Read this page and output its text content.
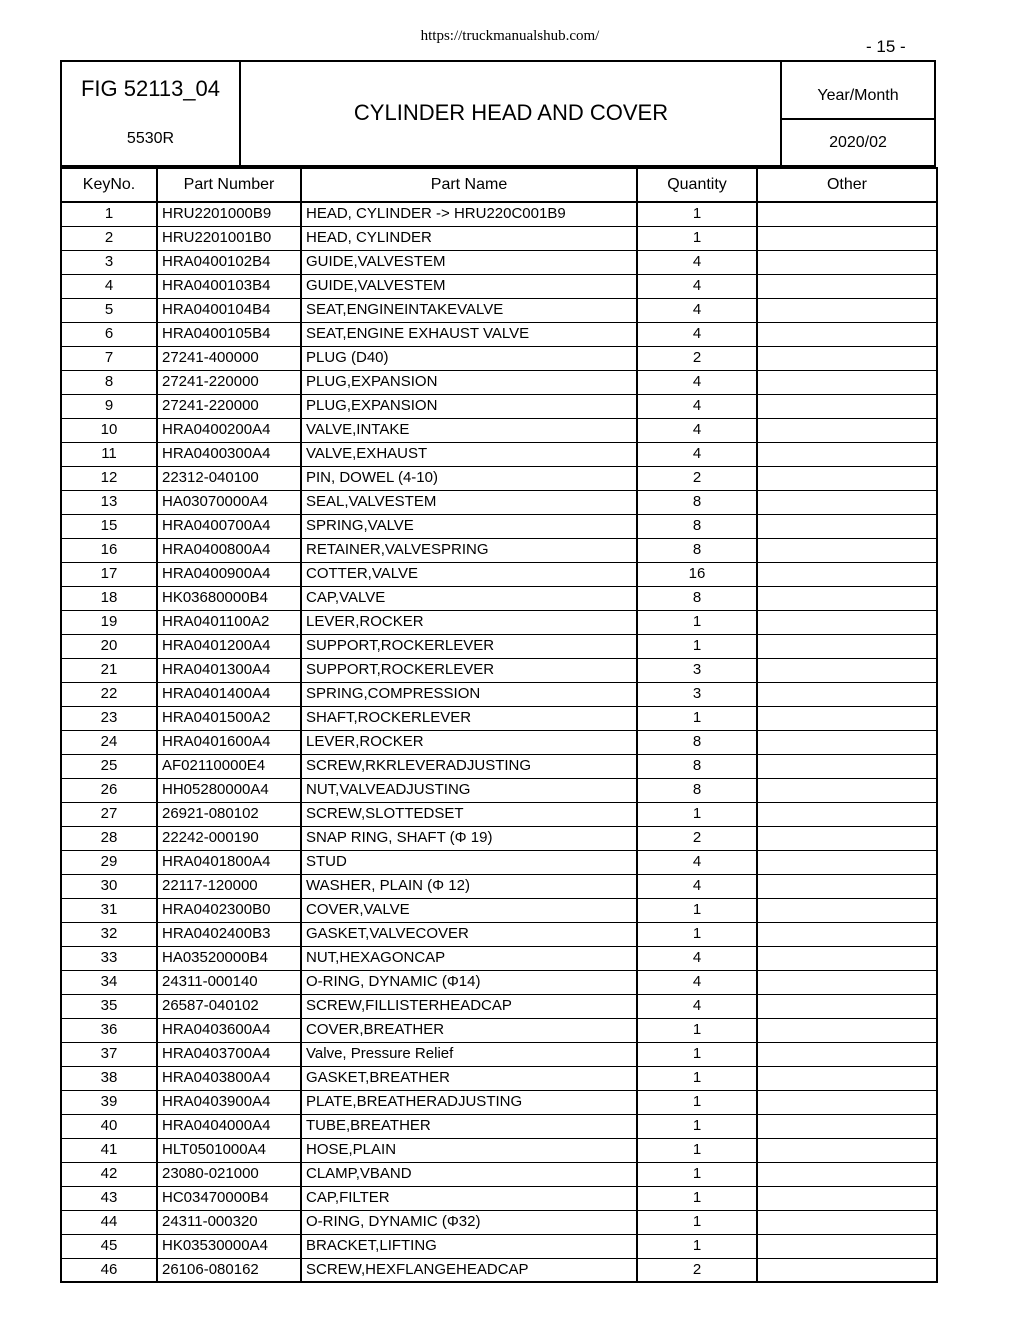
https://truckmanualshub.com/
- 15 -
FIG 52113_04
5530R
CYLINDER HEAD AND COVER
Year/Month
2020/02
KeyNo.	Part Number	Part Name	Quantity	Other
1	HRU2201000B9	HEAD, CYLINDER -> HRU220C001B9	1	
2	HRU2201001B0	HEAD, CYLINDER	1	
3	HRA0400102B4	GUIDE,VALVESTEM	4	
4	HRA0400103B4	GUIDE,VALVESTEM	4	
5	HRA0400104B4	SEAT,ENGINEINTAKEVALVE	4	
6	HRA0400105B4	SEAT,ENGINE EXHAUST VALVE	4	
7	27241-400000	PLUG (D40)	2	
8	27241-220000	PLUG,EXPANSION	4	
9	27241-220000	PLUG,EXPANSION	4	
10	HRA0400200A4	VALVE,INTAKE	4	
11	HRA0400300A4	VALVE,EXHAUST	4	
12	22312-040100	PIN, DOWEL (4-10)	2	
13	HA03070000A4	SEAL,VALVESTEM	8	
15	HRA0400700A4	SPRING,VALVE	8	
16	HRA0400800A4	RETAINER,VALVESPRING	8	
17	HRA0400900A4	COTTER,VALVE	16	
18	HK03680000B4	CAP,VALVE	8	
19	HRA0401100A2	LEVER,ROCKER	1	
20	HRA0401200A4	SUPPORT,ROCKERLEVER	1	
21	HRA0401300A4	SUPPORT,ROCKERLEVER	3	
22	HRA0401400A4	SPRING,COMPRESSION	3	
23	HRA0401500A2	SHAFT,ROCKERLEVER	1	
24	HRA0401600A4	LEVER,ROCKER	8	
25	AF02110000E4	SCREW,RKRLEVERADJUSTING	8	
26	HH05280000A4	NUT,VALVEADJUSTING	8	
27	26921-080102	SCREW,SLOTTEDSET	1	
28	22242-000190	SNAP RING, SHAFT (Φ 19)	2	
29	HRA0401800A4	STUD	4	
30	22117-120000	WASHER, PLAIN (Φ 12)	4	
31	HRA0402300B0	COVER,VALVE	1	
32	HRA0402400B3	GASKET,VALVECOVER	1	
33	HA03520000B4	NUT,HEXAGONCAP	4	
34	24311-000140	O-RING, DYNAMIC (Φ14)	4	
35	26587-040102	SCREW,FILLISTERHEADCAP	4	
36	HRA0403600A4	COVER,BREATHER	1	
37	HRA0403700A4	Valve, Pressure Relief	1	
38	HRA0403800A4	GASKET,BREATHER	1	
39	HRA0403900A4	PLATE,BREATHERADJUSTING	1	
40	HRA0404000A4	TUBE,BREATHER	1	
41	HLT0501000A4	HOSE,PLAIN	1	
42	23080-021000	CLAMP,VBAND	1	
43	HC03470000B4	CAP,FILTER	1	
44	24311-000320	O-RING, DYNAMIC (Φ32)	1	
45	HK03530000A4	BRACKET,LIFTING	1	
46	26106-080162	SCREW,HEXFLANGEHEADCAP	2	
